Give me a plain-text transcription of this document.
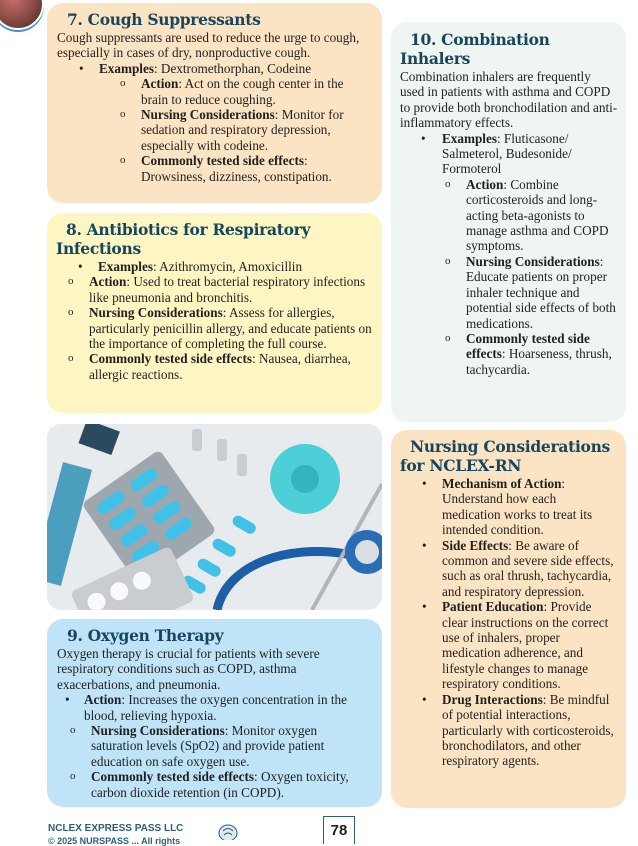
7. Cough Suppressants
Cough suppressants are used to reduce the urge to cough, especially in cases of dry, nonproductive cough.
• Examples: Dextromethorphan, Codeine
o Action: Act on the cough center in the brain to reduce coughing.
o Nursing Considerations: Monitor for sedation and respiratory depression, especially with codeine.
o Commonly tested side effects: Drowsiness, dizziness, constipation.
8. Antibiotics for Respiratory
Infections
• Examples: Azithromycin, Amoxicillin
o Action: Used to treat bacterial respiratory infections like pneumonia and bronchitis.
o Nursing Considerations: Assess for allergies, particularly penicillin allergy, and educate patients on the importance of completing the full course.
o Commonly tested side effects: Nausea, diarrhea, allergic reactions.
9. Oxygen Therapy
Oxygen therapy is crucial for patients with severe respiratory conditions such as COPD, asthma exacerbations, and pneumonia.
• Action: Increases the oxygen concentration in the blood, relieving hypoxia.
o Nursing Considerations: Monitor oxygen saturation levels (SpO2) and provide patient education on safe oxygen use.
o Commonly tested side effects: Oxygen toxicity, carbon dioxide retention (in COPD).
10. Combination
Inhalers
Combination inhalers are frequently used in patients with asthma and COPD to provide both bronchodilation and anti-inflammatory effects.
• Examples: Fluticasone/ Salmeterol, Budesonide/ Formoterol
o Action: Combine corticosteroids and long-acting beta-agonists to manage asthma and COPD symptoms.
o Nursing Considerations: Educate patients on proper inhaler technique and potential side effects of both medications.
o Commonly tested side effects: Hoarseness, thrush, tachycardia.
Nursing Considerations
for NCLEX-RN
• Mechanism of Action: Understand how each medication works to treat its intended condition.
• Side Effects: Be aware of common and severe side effects, such as oral thrush, tachycardia, and respiratory depression.
• Patient Education: Provide clear instructions on the correct use of inhalers, proper medication adherence, and lifestyle changes to manage respiratory conditions.
• Drug Interactions: Be mindful of potential interactions, particularly with corticosteroids, bronchodilators, and other respiratory agents.
NCLEX EXPRESS PASS LLC
© 2025 NURSPASS ... All rights
78
